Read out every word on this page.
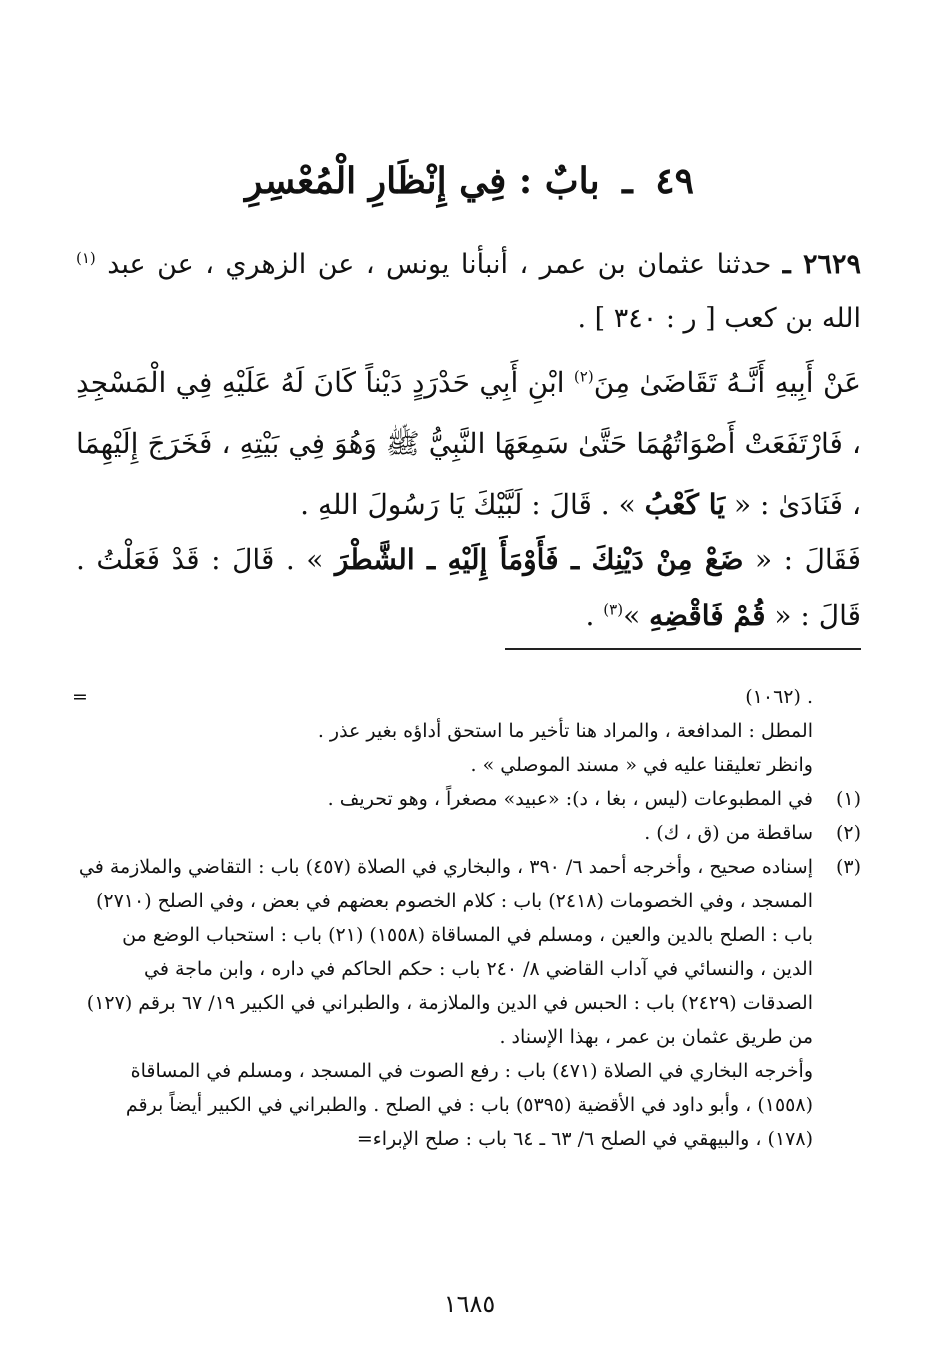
٤٩ ـ بابٌ : فِي إِنْظَارِ الْمُعْسِرِ
٢٦٢٩ ـ حدثنا عثمان بن عمر ، أنبأنا يونس ، عن الزهري ، عن عبد $^{(١)}$ الله بن كعب [ ر : ٣٤٠ ] .
عَنْ أَبِيهِ أَنَّـهُ تَقَاضَىٰ مِنَ$^{(٢)}$ ابْنِ أَبِي حَدْرَدٍ دَيْناً كَانَ لَهُ عَلَيْهِ فِي الْمَسْجِدِ ، فَارْتَفَعَتْ أَصْوَاتُهُمَا حَتَّىٰ سَمِعَهَا النَّبِيُّ ﷺ وَهُوَ فِي بَيْتِهِ ، فَخَرَجَ إِلَيْهِمَا ، فَنَادَىٰ : « يَا كَعْبُ » . قَالَ : لَبَّيْكَ يَا رَسُولَ اللهِ .
فَقَالَ : « ضَعْ مِنْ دَيْنِكَ ـ فَأَوْمَأَ إِلَيْهِ ـ الشَّطْرَ » . قَالَ : قَدْ فَعَلْتُ . قَالَ : « قُمْ فَاقْضِهِ »$^{(٣)}$ .
. (١٠٦٢)
=
المطل : المدافعة ، والمراد هنا تأخير ما استحق أداؤه بغير عذر .
وانظر تعليقنا عليه في « مسند الموصلي » .
(١)
في المطبوعات (ليس ، بغا ، د): «عبيد» مصغراً ، وهو تحريف .
(٢)
ساقطة من (ق ، ك) .
(٣)
إسناده صحيح ، وأخرجه أحمد ٦/ ٣٩٠ ، والبخاري في الصلاة (٤٥٧) باب : التقاضي والملازمة في المسجد ، وفي الخصومات (٢٤١٨) باب : كلام الخصوم بعضهم في بعض ، وفي الصلح (٢٧١٠) باب : الصلح بالدين والعين ، ومسلم في المساقاة (١٥٥٨) (٢١) باب : استحباب الوضع من الدين ، والنسائي في آداب القاضي ٨/ ٢٤٠ باب : حكم الحاكم في داره ، وابن ماجة في الصدقات (٢٤٢٩) باب : الحبس في الدين والملازمة ، والطبراني في الكبير ١٩/ ٦٧ برقم (١٢٧) من طريق عثمان بن عمر ، بهذا الإسناد .
وأخرجه البخاري في الصلاة (٤٧١) باب : رفع الصوت في المسجد ، ومسلم في المساقاة (١٥٥٨) ، وأبو داود في الأقضية (٥٣٩٥) باب : في الصلح . والطبراني في الكبير أيضاً برقم (١٧٨) ، والبيهقي في الصلح ٦/ ٦٣ ـ ٦٤ باب : صلح الإبراء=
١٦٨٥
